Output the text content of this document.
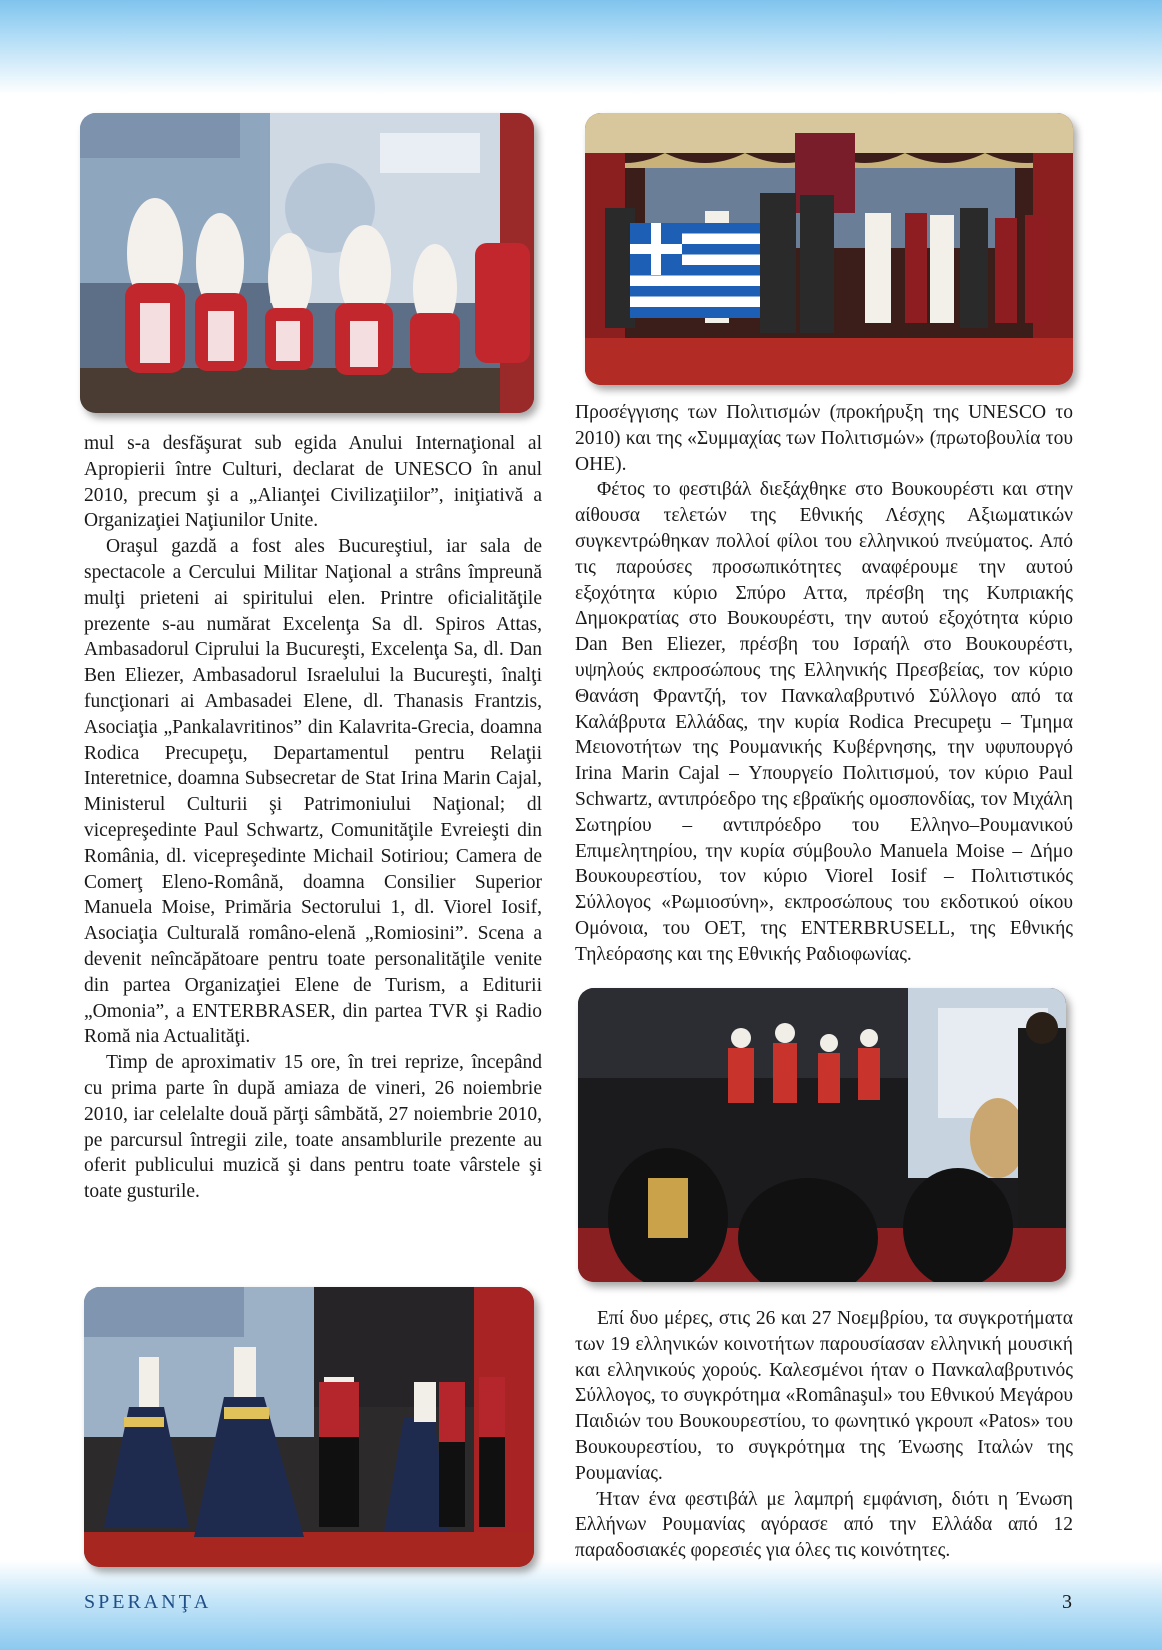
mul s-a desfăşurat sub egida Anului Internaţional al Apropierii între Culturi, declarat de UNESCO în anul 2010, precum şi a „Alianţei Civilizaţiilor”, iniţiativă a Organizaţiei Naţiunilor Unite.

Oraşul gazdă a fost ales Bucureştiul, iar sala de spectacole a Cercului Militar Naţional a strâns împreună mulţi prieteni ai spiritului elen. Printre oficialităţile prezente s-au numărat Excelenţa Sa dl. Spiros Attas, Ambasadorul Ciprului la Bucureşti, Excelenţa Sa, dl. Dan Ben Eliezer, Ambasadorul Israelului la Bucureşti, înalţi funcţionari ai Ambasadei Elene, dl. Thanasis Frantzis, Asociaţia „Pankalavritinos” din Kalavrita-Grecia, doamna Rodica Precupeţu, Departamentul pentru Relaţii Interetnice, doamna Subsecretar de Stat Irina Marin Cajal, Ministerul Culturii şi Patrimoniului Naţional; dl vicepreşedinte Paul Schwartz, Comunităţile Evreieşti din România, dl. vicepreşedinte Michail Sotiriou; Camera de Comerţ Eleno-Română, doamna Consilier Superior Manuela Moise, Primăria Sectorului 1, dl. Viorel Iosif, Asociaţia Culturală româno-elenă „Romiosini”. Scena a devenit neîncăpătoare pentru toate personalităţile venite din partea Organizaţiei Elene de Turism, a Editurii „Omonia”, a ENTERBRASER, din partea TVR şi Radio Romă nia Actualităţi.

Timp de aproximativ 15 ore, în trei reprize, începând cu prima parte în după amiaza de vineri, 26 noiembrie 2010, iar celelalte două părţi sâmbătă, 27 noiembrie 2010, pe parcursul întregii zile, toate ansamblurile prezente au oferit publicului muzică şi dans pentru toate vârstele şi toate gusturile.

Προσέγγισης των Πολιτισμών (προκήρυξη της UNESCO το 2010) και της «Συμμαχίας των Πολιτισμών» (πρωτοβουλία του ΟΗΕ).

Φέτος το φεστιβάλ διεξάχθηκε στο Βουκουρέστι και στην αίθουσα τελετών της Εθνικής Λέσχης Αξιωματικών συγκεντρώθηκαν πολλοί φίλοι του ελληνικού πνεύματος. Από τις παρούσες προσωπικότητες αναφέρουμε την αυτού εξοχότητα κύριο Σπύρο Αττα, πρέσβη της Κυπριακής Δημοκρατίας στο Βουκουρέστι, την αυτού εξοχότητα κύριο Dan Ben Eliezer, πρέσβη του Ισραήλ στο Βουκουρέστι, υψηλούς εκπροσώπους της Ελληνικής Πρεσβείας, τον κύριο Θανάση Φραντζή, τον Πανκαλαβρυτινό Σύλλογο από τα Καλάβρυτα Ελλάδας, την κυρία Rodica Precupeţu – Τμημα Μειονοτήτων της Ρουμανικής Κυβέρνησης, την υφυπουργό Irina Marin Cajal – Υπουργείο Πολιτισμού, τον κύριο Paul Schwartz, αντιπρόεδρο της εβραϊκής ομοσπονδίας, τον Μιχάλη Σωτηρίου – αντιπρόεδρο του Ελληνο–Ρουμανικού Επιμελητηρίου, την κυρία σύμβουλο Manuela Moise – Δήμο Βουκουρεστίου, τον κύριο Viorel Iosif – Πολιτιστικός Σύλλογος «Ρωμιοσύνη», εκπροσώπους του εκδοτικού οίκου Ομόνοια, του ΟΕΤ, της ENTERBRUSELL, της Εθνικής Τηλεόρασης και της Εθνικής Ραδιοφωνίας.

Επί δυο μέρες, στις 26 και 27 Νοεμβρίου, τα συγκροτήματα των 19 ελληνικών κοινοτήτων παρουσίασαν ελληνική μουσική και ελληνικούς χορούς. Καλεσμένοι ήταν ο Πανκαλαβρυτινός Σύλλογος, το συγκρότημα «Românaşul» του Εθνικού Μεγάρου Παιδιών του Βουκουρεστίου, το φωνητικό γκρουπ «Patos» του Βουκουρεστίου, το συγκρότημα της Ένωσης Ιταλών της Ρουμανίας.

Ήταν ένα φεστιβάλ με λαμπρή εμφάνιση, διότι η Ένωση Ελλήνων Ρουμανίας αγόρασε από την Ελλάδα από 12 παραδοσιακές φορεσιές για όλες τις κοινότητες.

SPERANŢA	3
